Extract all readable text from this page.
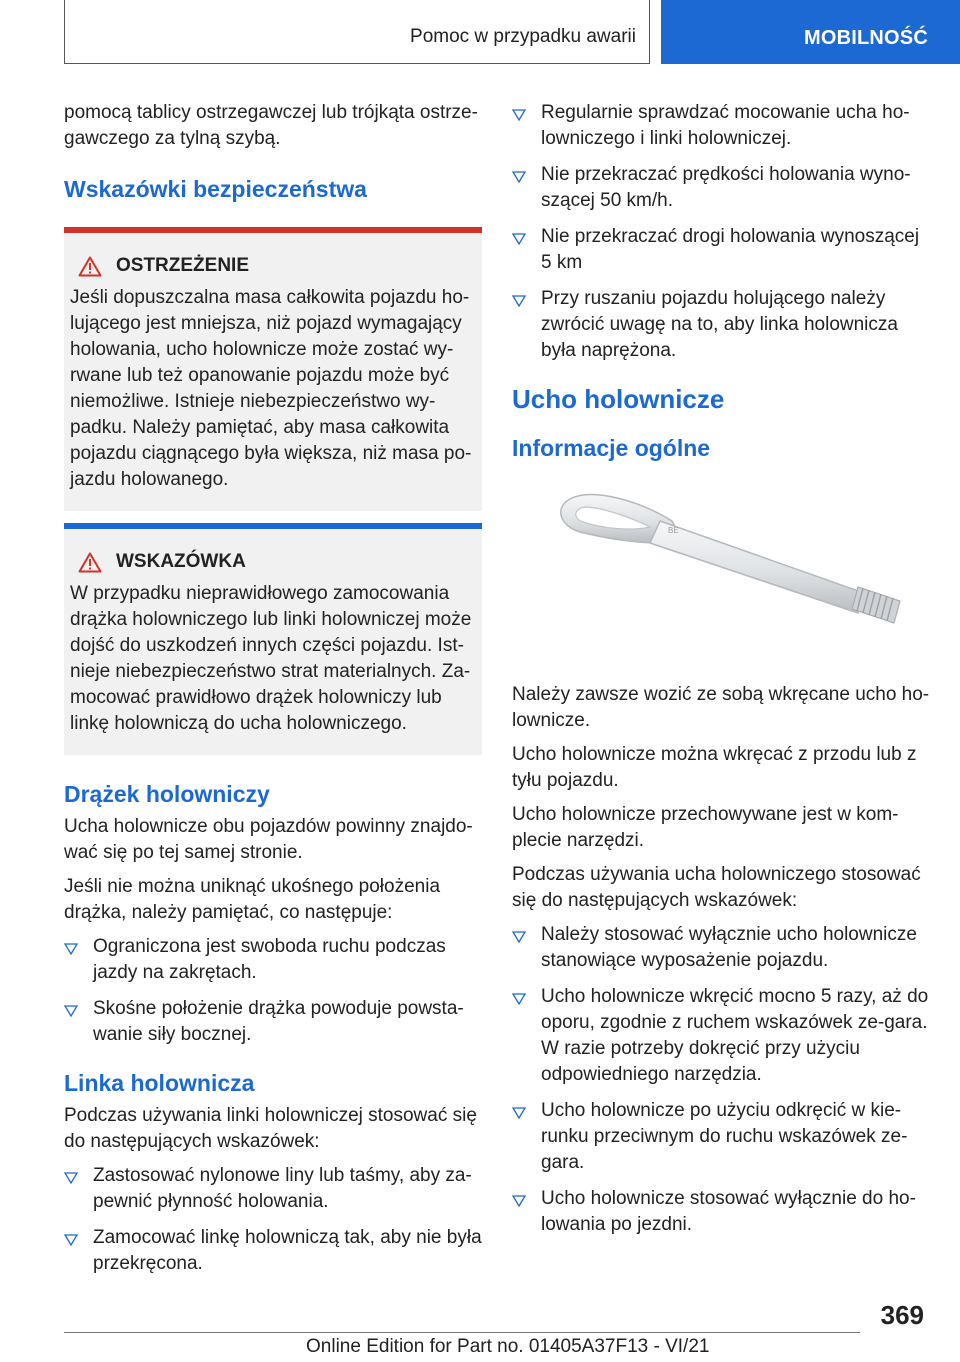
Pomoc w przypadku awarii	MOBILNOŚĆ

pomocą tablicy ostrzegawczej lub trójkąta ostrze-gawczego za tylną szybą.

Wskazówki bezpieczeństwa
OSTRZEŻENIE
Jeśli dopuszczalna masa całkowita pojazdu ho-lującego jest mniejsza, niż pojazd wymagający holowania, ucho holownicze może zostać wy-rwane lub też opanowanie pojazdu może być niemożliwe. Istnieje niebezpieczeństwo wy-padku. Należy pamiętać, aby masa całkowita pojazdu ciągnącego była większa, niż masa po-jazdu holowanego.
WSKAZÓWKA
W przypadku nieprawidłowego zamocowania drążka holowniczego lub linki holowniczej może dojść do uszkodzeń innych części pojazdu. Ist-nieje niebezpieczeństwo strat materialnych. Za-mocować prawidłowo drążek holowniczy lub linkę holowniczą do ucha holowniczego.
Drążek holowniczy

Ucha holownicze obu pojazdów powinny znajdo-wać się po tej samej stronie.

Jeśli nie można uniknąć ukośnego położenia drążka, należy pamiętać, co następuje:

Ograniczona jest swoboda ruchu podczas jazdy na zakrętach.
Skośne położenie drążka powoduje powsta-wanie siły bocznej.
Linka holownicza

Podczas używania linki holowniczej stosować się do następujących wskazówek:

Zastosować nylonowe liny lub taśmy, aby za-pewnić płynność holowania.
Zamocować linkę holowniczą tak, aby nie była przekręcona.
Regularnie sprawdzać mocowanie ucha ho-lowniczego i linki holowniczej.
Nie przekraczać prędkości holowania wyno-szącej 50 km/h.
Nie przekraczać drogi holowania wynoszącej 5 km
Przy ruszaniu pojazdu holującego należy zwrócić uwagę na to, aby linka holownicza była naprężona.
Ucho holownicze
Informacje ogólne
BE

Należy zawsze wozić ze sobą wkręcane ucho ho-lownicze.

Ucho holownicze można wkręcać z przodu lub z tyłu pojazdu.

Ucho holownicze przechowywane jest w kom-plecie narzędzi.

Podczas używania ucha holowniczego stosować się do następujących wskazówek:

Należy stosować wyłącznie ucho holownicze stanowiące wyposażenie pojazdu.
Ucho holownicze wkręcić mocno 5 razy, aż do oporu, zgodnie z ruchem wskazówek ze-gara. W razie potrzeby dokręcić przy użyciu odpowiedniego narzędzia.
Ucho holownicze po użyciu odkręcić w kie-runku przeciwnym do ruchu wskazówek ze-gara.
Ucho holownicze stosować wyłącznie do ho-lowania po jezdni.
369
Online Edition for Part no. 01405A37F13 - VI/21
